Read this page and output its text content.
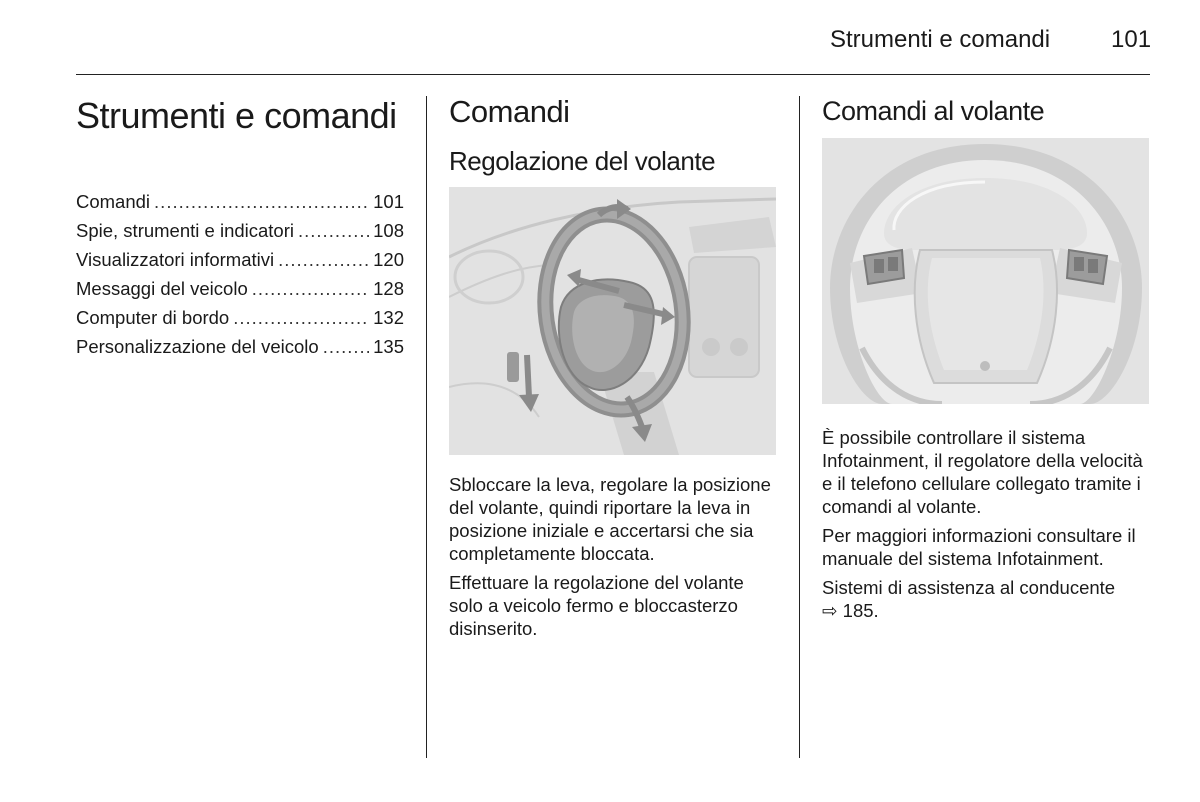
Strumenti e comandi	101
Strumenti e comandi
Comandi .....	101
Spie, strumenti e indicatori .....	108
Visualizzatori informativi .....	120
Messaggi del veicolo .....	128
Computer di bordo .....	132
Personalizzazione del veicolo .....	135
Comandi
Regolazione del volante

Sbloccare la leva, regolare la posizione del volante, quindi riportare la leva in posizione iniziale e accertarsi che sia completamente bloccata.

Effettuare la regolazione del volante solo a veicolo fermo e bloccasterzo disinserito.

Comandi al volante

È possibile controllare il sistema Infotainment, il regolatore della velocità e il telefono cellulare collegato tramite i comandi al volante.

Per maggiori informazioni consultare il manuale del sistema Infotainment.

Sistemi di assistenza al conducente
⇨ 185.
